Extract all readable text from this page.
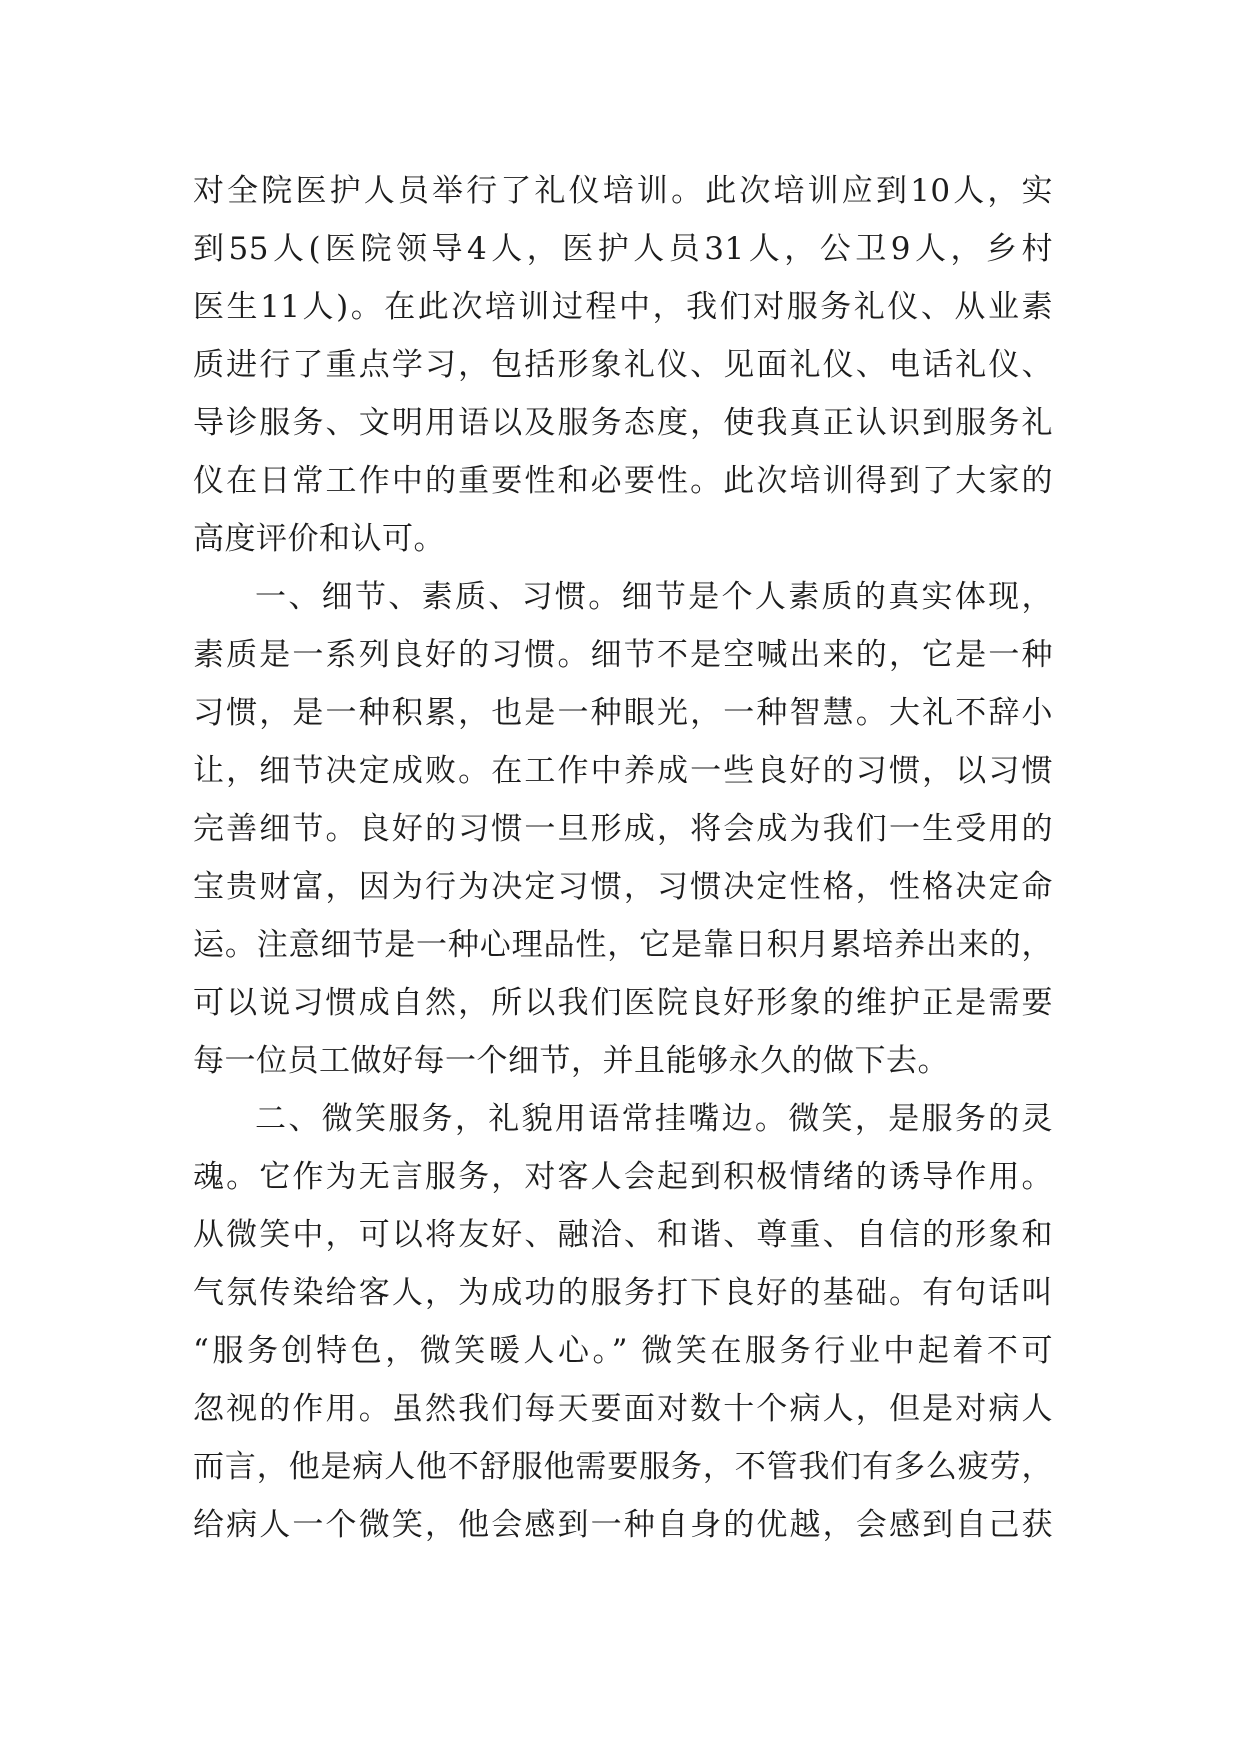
对全院医护人员举行了礼仪培训。此次培训应到10人，实
到55人(医院领导4人，医护人员31人，公卫9人，乡村
医生11人)。在此次培训过程中，我们对服务礼仪、从业素
质进行了重点学习，包括形象礼仪、见面礼仪、电话礼仪、
导诊服务、文明用语以及服务态度，使我真正认识到服务礼
仪在日常工作中的重要性和必要性。此次培训得到了大家的
高度评价和认可。
一、细节、素质、习惯。细节是个人素质的真实体现，
素质是一系列良好的习惯。细节不是空喊出来的，它是一种
习惯，是一种积累，也是一种眼光，一种智慧。大礼不辞小
让，细节决定成败。在工作中养成一些良好的习惯，以习惯
完善细节。良好的习惯一旦形成，将会成为我们一生受用的
宝贵财富，因为行为决定习惯，习惯决定性格，性格决定命
运。注意细节是一种心理品性，它是靠日积月累培养出来的，
可以说习惯成自然，所以我们医院良好形象的维护正是需要
每一位员工做好每一个细节，并且能够永久的做下去。
二、微笑服务，礼貌用语常挂嘴边。微笑，是服务的灵
魂。它作为无言服务，对客人会起到积极情绪的诱导作用。
从微笑中，可以将友好、融洽、和谐、尊重、自信的形象和
气氛传染给客人，为成功的服务打下良好的基础。有句话叫
“服务创特色，微笑暖人心。” 微笑在服务行业中起着不可
忽视的作用。虽然我们每天要面对数十个病人，但是对病人
而言，他是病人他不舒服他需要服务，不管我们有多么疲劳，
给病人一个微笑，他会感到一种自身的优越，会感到自己获
